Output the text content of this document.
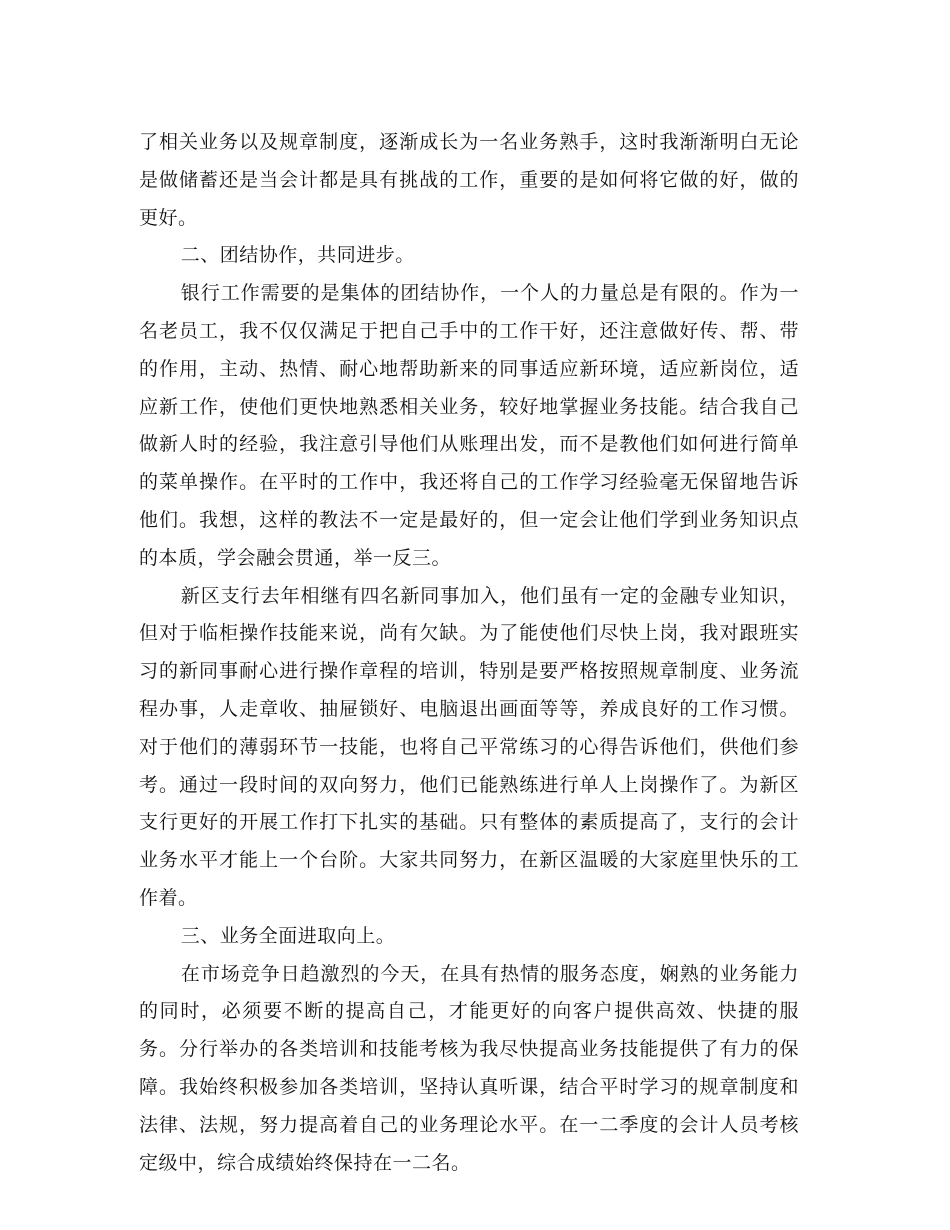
了相关业务以及规章制度，逐渐成长为一名业务熟手，这时我渐渐明白无论是做储蓄还是当会计都是具有挑战的工作，重要的是如何将它做的好，做的更好。

二、团结协作，共同进步。

银行工作需要的是集体的团结协作，一个人的力量总是有限的。作为一名老员工，我不仅仅满足于把自己手中的工作干好，还注意做好传、帮、带的作用，主动、热情、耐心地帮助新来的同事适应新环境，适应新岗位，适应新工作，使他们更快地熟悉相关业务，较好地掌握业务技能。结合我自己做新人时的经验，我注意引导他们从账理出发，而不是教他们如何进行简单的菜单操作。在平时的工作中，我还将自己的工作学习经验毫无保留地告诉他们。我想，这样的教法不一定是最好的，但一定会让他们学到业务知识点的本质，学会融会贯通，举一反三。

新区支行去年相继有四名新同事加入，他们虽有一定的金融专业知识，但对于临柜操作技能来说，尚有欠缺。为了能使他们尽快上岗，我对跟班实习的新同事耐心进行操作章程的培训，特别是要严格按照规章制度、业务流程办事，人走章收、抽屉锁好、电脑退出画面等等，养成良好的工作习惯。对于他们的薄弱环节一技能，也将自己平常练习的心得告诉他们，供他们参考。通过一段时间的双向努力，他们已能熟练进行单人上岗操作了。为新区支行更好的开展工作打下扎实的基础。只有整体的素质提高了，支行的会计业务水平才能上一个台阶。大家共同努力，在新区温暖的大家庭里快乐的工作着。

三、业务全面进取向上。

在市场竞争日趋激烈的今天，在具有热情的服务态度，娴熟的业务能力的同时，必须要不断的提高自己，才能更好的向客户提供高效、快捷的服务。分行举办的各类培训和技能考核为我尽快提高业务技能提供了有力的保障。我始终积极参加各类培训，坚持认真听课，结合平时学习的规章制度和法律、法规，努力提高着自己的业务理论水平。在一二季度的会计人员考核定级中，综合成绩始终保持在一二名。
